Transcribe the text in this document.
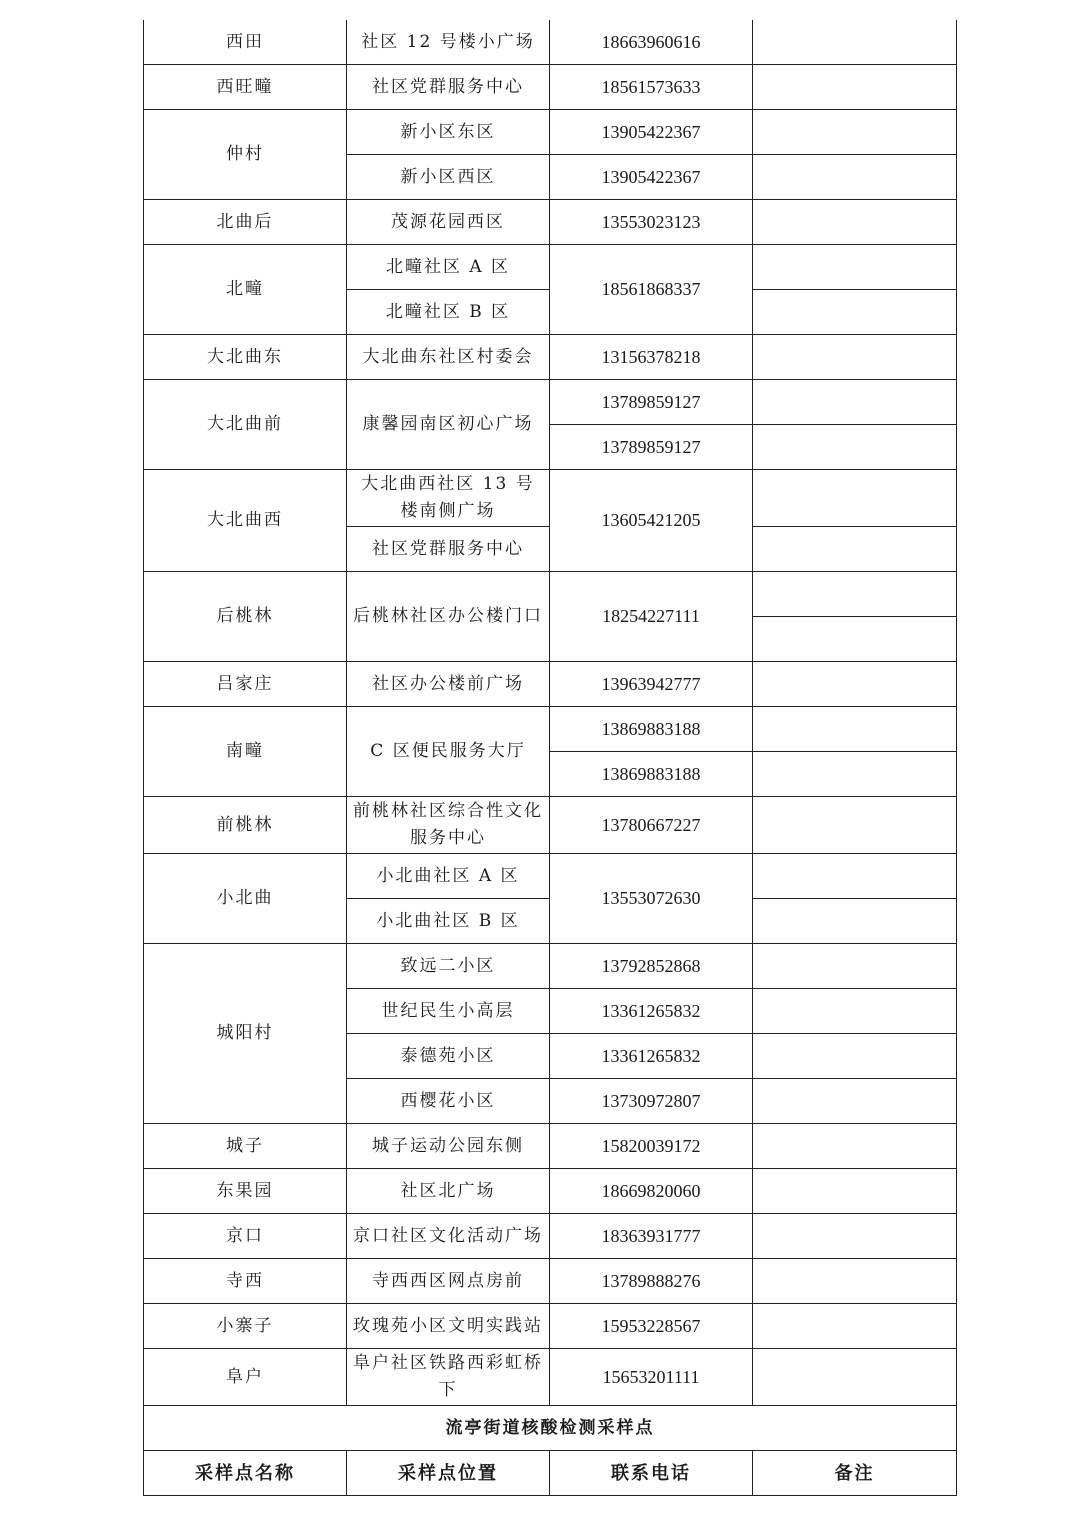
西田	社区 12 号楼小广场	18663960616	
西旺疃	社区党群服务中心	18561573633	
仲村	新小区东区	13905422367	
	新小区西区	13905422367	
北曲后	茂源花园西区	13553023123	
北疃	北疃社区 A 区	18561868337	
	北疃社区 B 区		
大北曲东	大北曲东社区村委会	13156378218	
大北曲前	康馨园南区初心广场	13789859127	
		13789859127	
大北曲西	大北曲西社区 13 号楼南侧广场	13605421205	
	社区党群服务中心		
后桃林	后桃林社区办公楼门口	18254227111	

吕家庄	社区办公楼前广场	13963942777	
南疃	C 区便民服务大厅	13869883188	
		13869883188	
前桃林	前桃林社区综合性文化服务中心	13780667227	
小北曲	小北曲社区 A 区	13553072630	
	小北曲社区 B 区		
城阳村	致远二小区	13792852868	
	世纪民生小高层	13361265832	
	泰德苑小区	13361265832	
	西樱花小区	13730972807	
城子	城子运动公园东侧	15820039172	
东果园	社区北广场	18669820060	
京口	京口社区文化活动广场	18363931777	
寺西	寺西西区网点房前	13789888276	
小寨子	玫瑰苑小区文明实践站	15953228567	
阜户	阜户社区铁路西彩虹桥下	15653201111	
流亭街道核酸检测采样点			
采样点名称	采样点位置	联系电话	备注
